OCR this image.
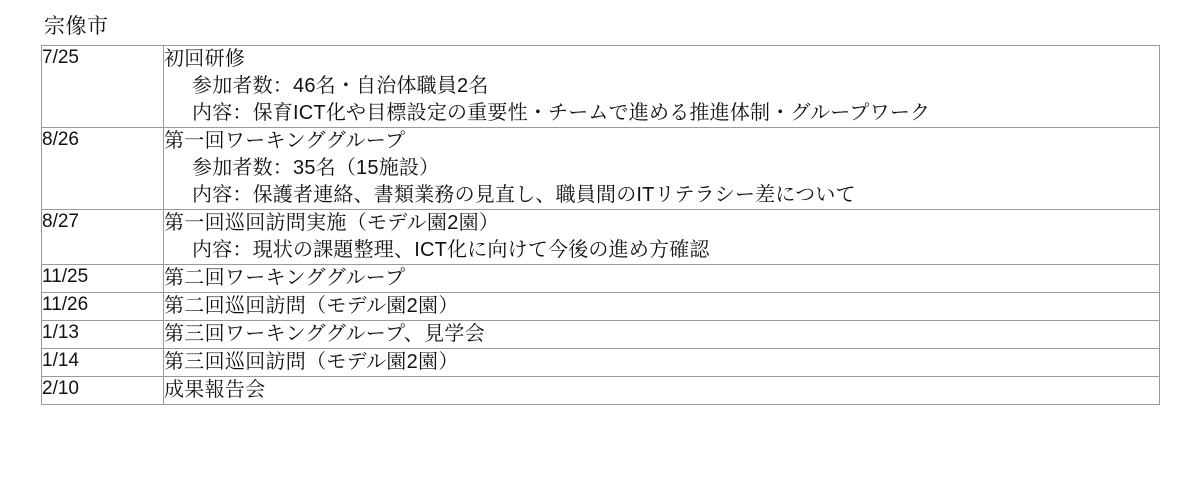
宗像市
7/25	初回研修
参加者数：46名・自治体職員2名
内容：保育ICT化や目標設定の重要性・チームで進める推進体制・グループワーク

8/26	第一回ワーキンググループ
参加者数：35名（15施設）
内容：保護者連絡、書類業務の見直し、職員間のITリテラシー差について

8/27	第一回巡回訪問実施（モデル園2園）
内容：現状の課題整理、ICT化に向けて今後の進め方確認

11/25	第二回ワーキンググループ

11/26	第二回巡回訪問（モデル園2園）

1/13	第三回ワーキンググループ、見学会

1/14	第三回巡回訪問（モデル園2園）

2/10	成果報告会
